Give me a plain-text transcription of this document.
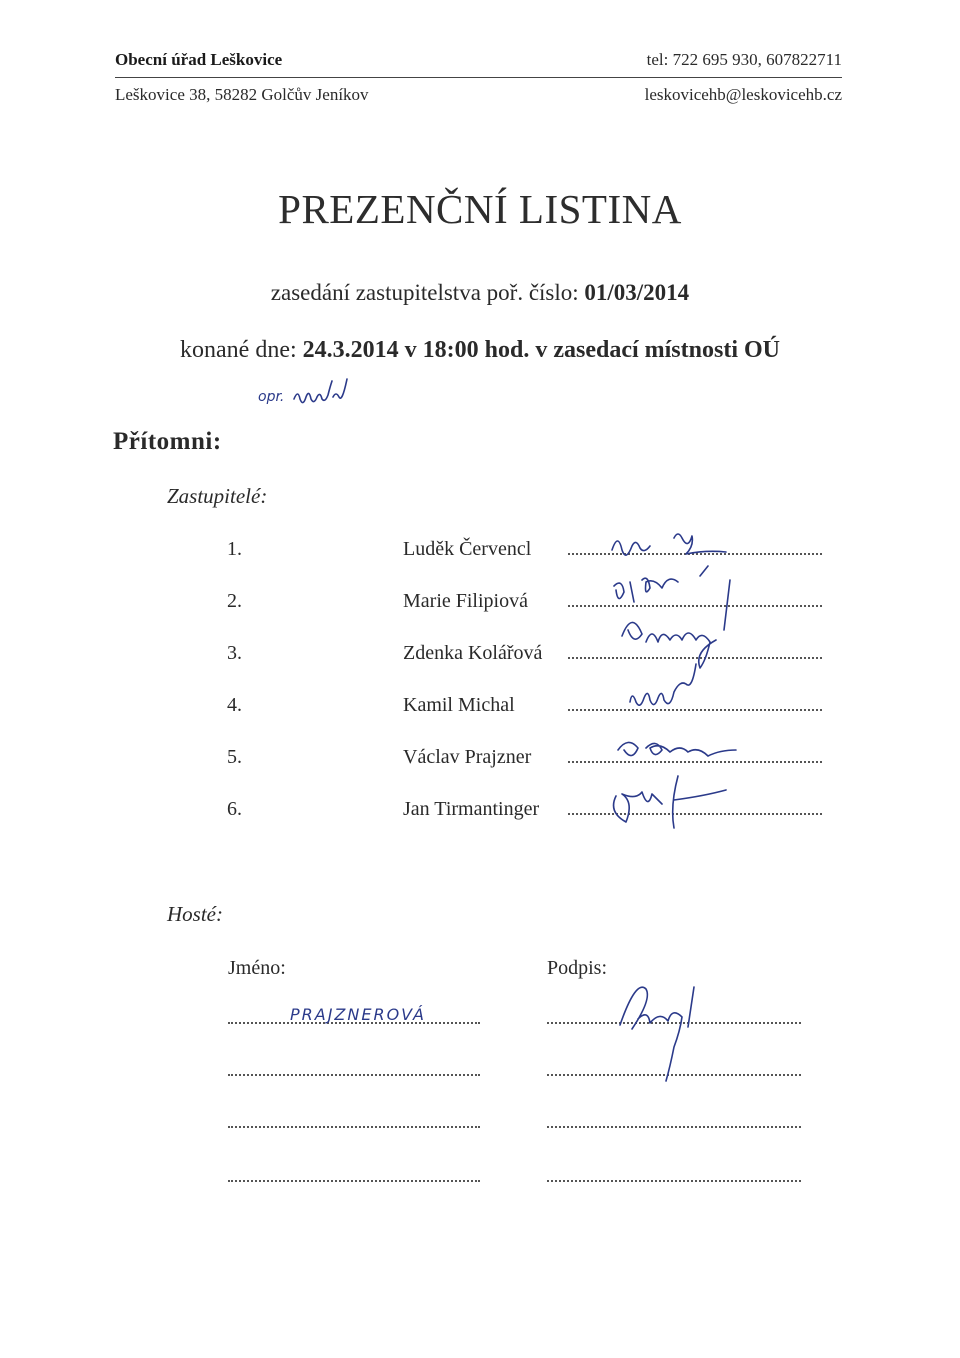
Obecní úřad Leškovice	tel: 722 695 930, 607822711
Leškovice 38, 58282 Golčův Jeníkov	leskovicehb@leskovicehb.cz
PREZENČNÍ LISTINA
zasedání zastupitelstva poř. číslo: 01/03/2014
konané dne: 24.3.2014 v 18:00 hod. v zasedací místnosti OÚ
opr.
Přítomni:
Zastupitelé:
1.	Luděk Červencl
2.	Marie Filipiová
3.	Zdenka Kolářová
4.	Kamil Michal
5.	Václav Prajzner
6.	Jan Tirmantinger
Hosté:
Jméno:	Podpis:
PRAJZNEROVÁ
